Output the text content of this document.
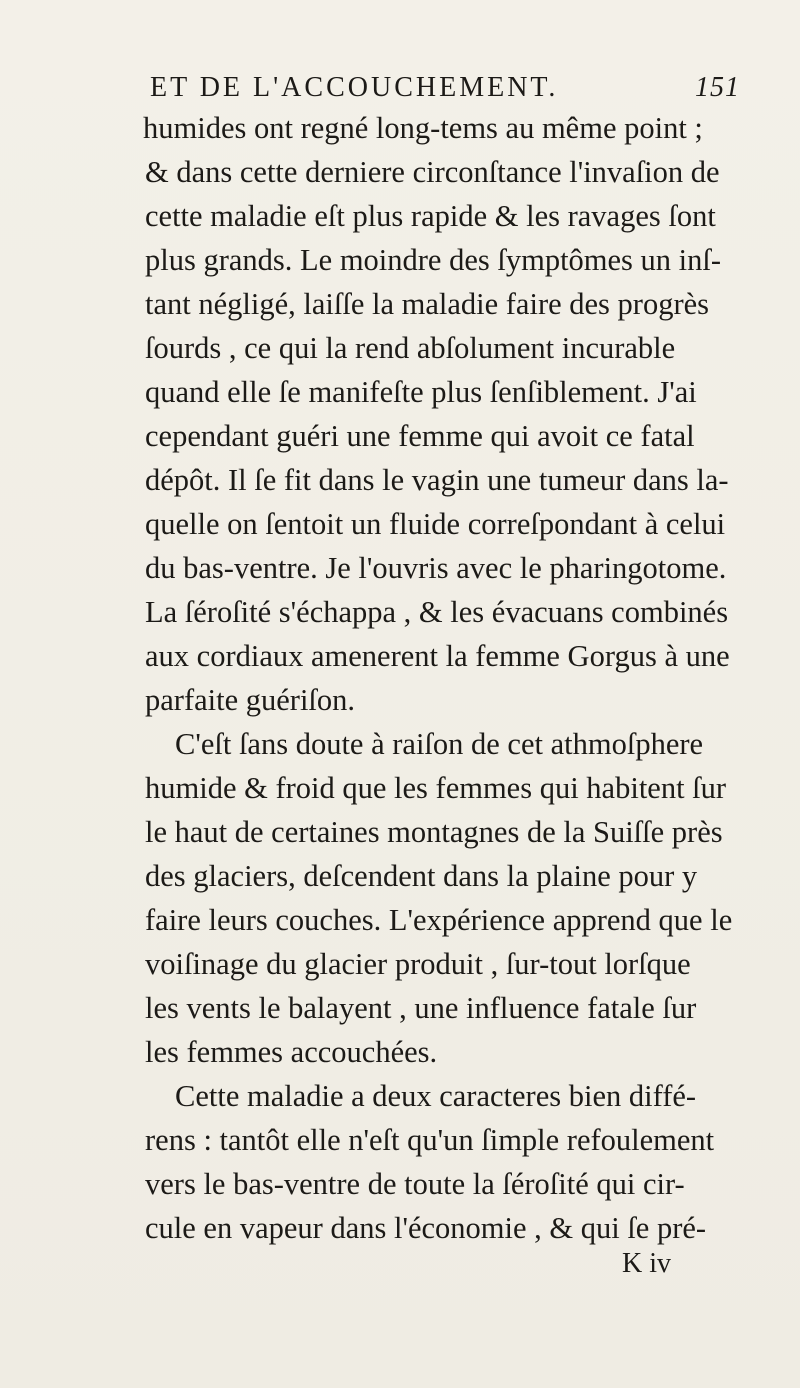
ET DE L'ACCOUCHEMENT.	151
humides ont regné long-tems au même point ;
& dans cette derniere circonſtance l'invaſion de
cette maladie eſt plus rapide & les ravages ſont
plus grands. Le moindre des ſymptômes un inſ-
tant négligé, laiſſe la maladie faire des progrès
ſourds , ce qui la rend abſolument incurable
quand elle ſe manifeſte plus ſenſiblement. J'ai
cependant guéri une femme qui avoit ce fatal
dépôt. Il ſe fit dans le vagin une tumeur dans la-
quelle on ſentoit un fluide correſpondant à celui
du bas-ventre. Je l'ouvris avec le pharingotome.
La ſéroſité s'échappa , & les évacuans combinés
aux cordiaux amenerent la femme Gorgus à une
parfaite guériſon.
C'eſt ſans doute à raiſon de cet athmoſphere
humide & froid que les femmes qui habitent ſur
le haut de certaines montagnes de la Suiſſe près
des glaciers, deſcendent dans la plaine pour y
faire leurs couches. L'expérience apprend que le
voiſinage du glacier produit , ſur-tout lorſque
les vents le balayent , une influence fatale ſur
les femmes accouchées.
Cette maladie a deux caracteres bien diffé-
rens : tantôt elle n'eſt qu'un ſimple refoulement
vers le bas-ventre de toute la ſéroſité qui cir-
cule en vapeur dans l'économie , & qui ſe pré-
K iv
